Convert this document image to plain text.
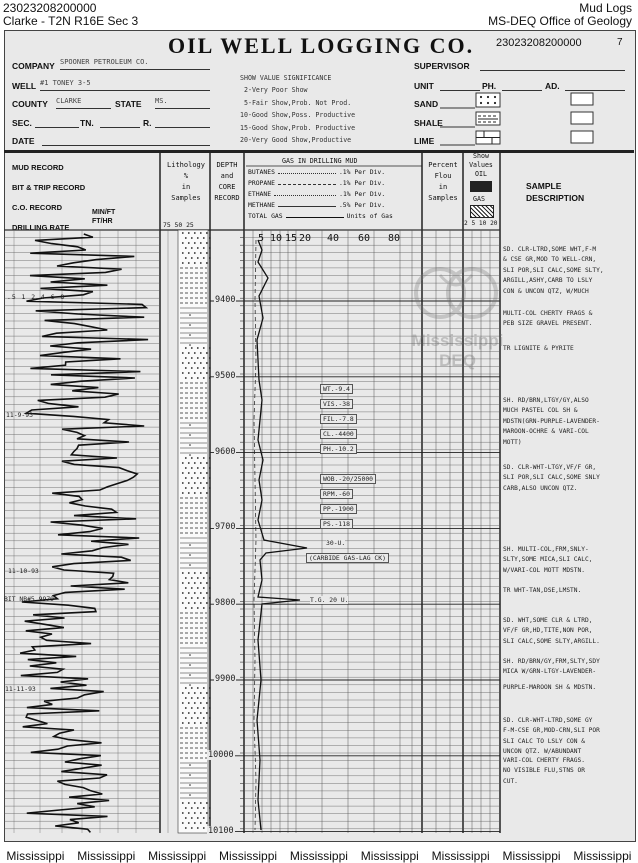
23023208200000
Clarke - T2N R16E Sec 3
Mud Logs
MS-DEQ Office of Geology
OIL WELL LOGGING CO. 23023208200000	7
COMPANY SPOONER PETROLEUM CO.
WELL #1 TONEY 3-5
COUNTY CLARKE	STATE MS.
SEC.	TN.	R.
DATE
SHOW VALUE SIGNIFICANCE
2-Very Poor Show
5-Fair Show,Prob. Not Prod.
10-Good Show,Poss. Productive
15-Good Show,Prob. Productive
20-Very Good Show,Productive
SUPERVISOR
UNIT	PH.	AD.
SAND
SHALE
LIME
MUD RECORD
BIT & TRIP RECORD
C.O. RECORD
DRILLING RATE
MIN/FT
FT/HR
Lithology
%
in
Samples
75 50 25
DEPTH
and
CORE
RECORD
GAS IN DRILLING MUD
BUTANES	.1% Per Div.
PROPANE	.1% Per Div.
ETHANE	.1% Per Div.
METHANE	.5% Per Div.
TOTAL GAS	Units of Gas
Percent
Flou
in
Samples
Show
Values
OIL
GAS
2 5 10 20
SAMPLE
DESCRIPTION
9400
9500
9600
9700
9800
9900
10000
10100
5 10 15 20 40 60 80
.5 1 2 4 6 8
11-9-93
11-10-93
BIT NB#5 9979'
11-11-93
WT.-9.4
VIS.-38
FIL.-7.8
CL.-4400
PH.-10.2
WOB.-20/25000
RPM.-60
PP.-1900
PS.-118
30-U.
(CARBIDE GAS-LAG CK)
T.G. 20 U.
Mississippi
DEQ
SD. CLR-LTRD,SOME WHT,F-M
& CSE GR,MOD TO WELL-CRN,
SLI POR,SLI CALC,SOME SLTY,
ARGILL,ASHY,CARB TO LSLY
CON & UNCON QTZ, W/MUCH
MULTI-COL CHERTY FRAGS &
PEB SIZE GRAVEL PRESENT.
TR LIGNITE & PYRITE
SH. RD/BRN,LTGY/GY,ALSO
MUCH PASTEL COL SH &
MDSTN(GRN-PURPLE-LAVENDER-
MAROON-OCHRE & VARI-COL
MOTT)
SD. CLR-WHT-LTGY,VF/F GR,
SLI POR,SLI CALC,SOME SNLY
CARB,ALSO UNCON QTZ.
SH. MULTI-COL,FRM,SNLY-
SLTY,SOME MICA,SLI CALC,
W/VARI-COL MOTT MDSTN.
TR WHT-TAN,DSE,LMSTN.
SD. WHT,SOME CLR & LTRD,
VF/F GR,HD,TITE,NON POR,
SLI CALC,SOME SLTY,ARGILL.
SH. RD/BRN/GY,FRM,SLTY,SDY
MICA W/GRN-LTGY-LAVENDER-
PURPLE-MAROON SH & MDSTN.
SD. CLR-WHT-LTRD,SOME GY
F-M-CSE GR,MOD-CRN,SLI POR
SLI CALC TO LSLY CON &
UNCON QTZ. W/ABUNDANT
VARI-COL CHERTY FRAGS.
NO VISIBLE FLU,STNS OR
CUT.
Mississippi Mississippi Mississippi Mississippi Mississippi Mississippi Mississippi Mississippi Mississippi
